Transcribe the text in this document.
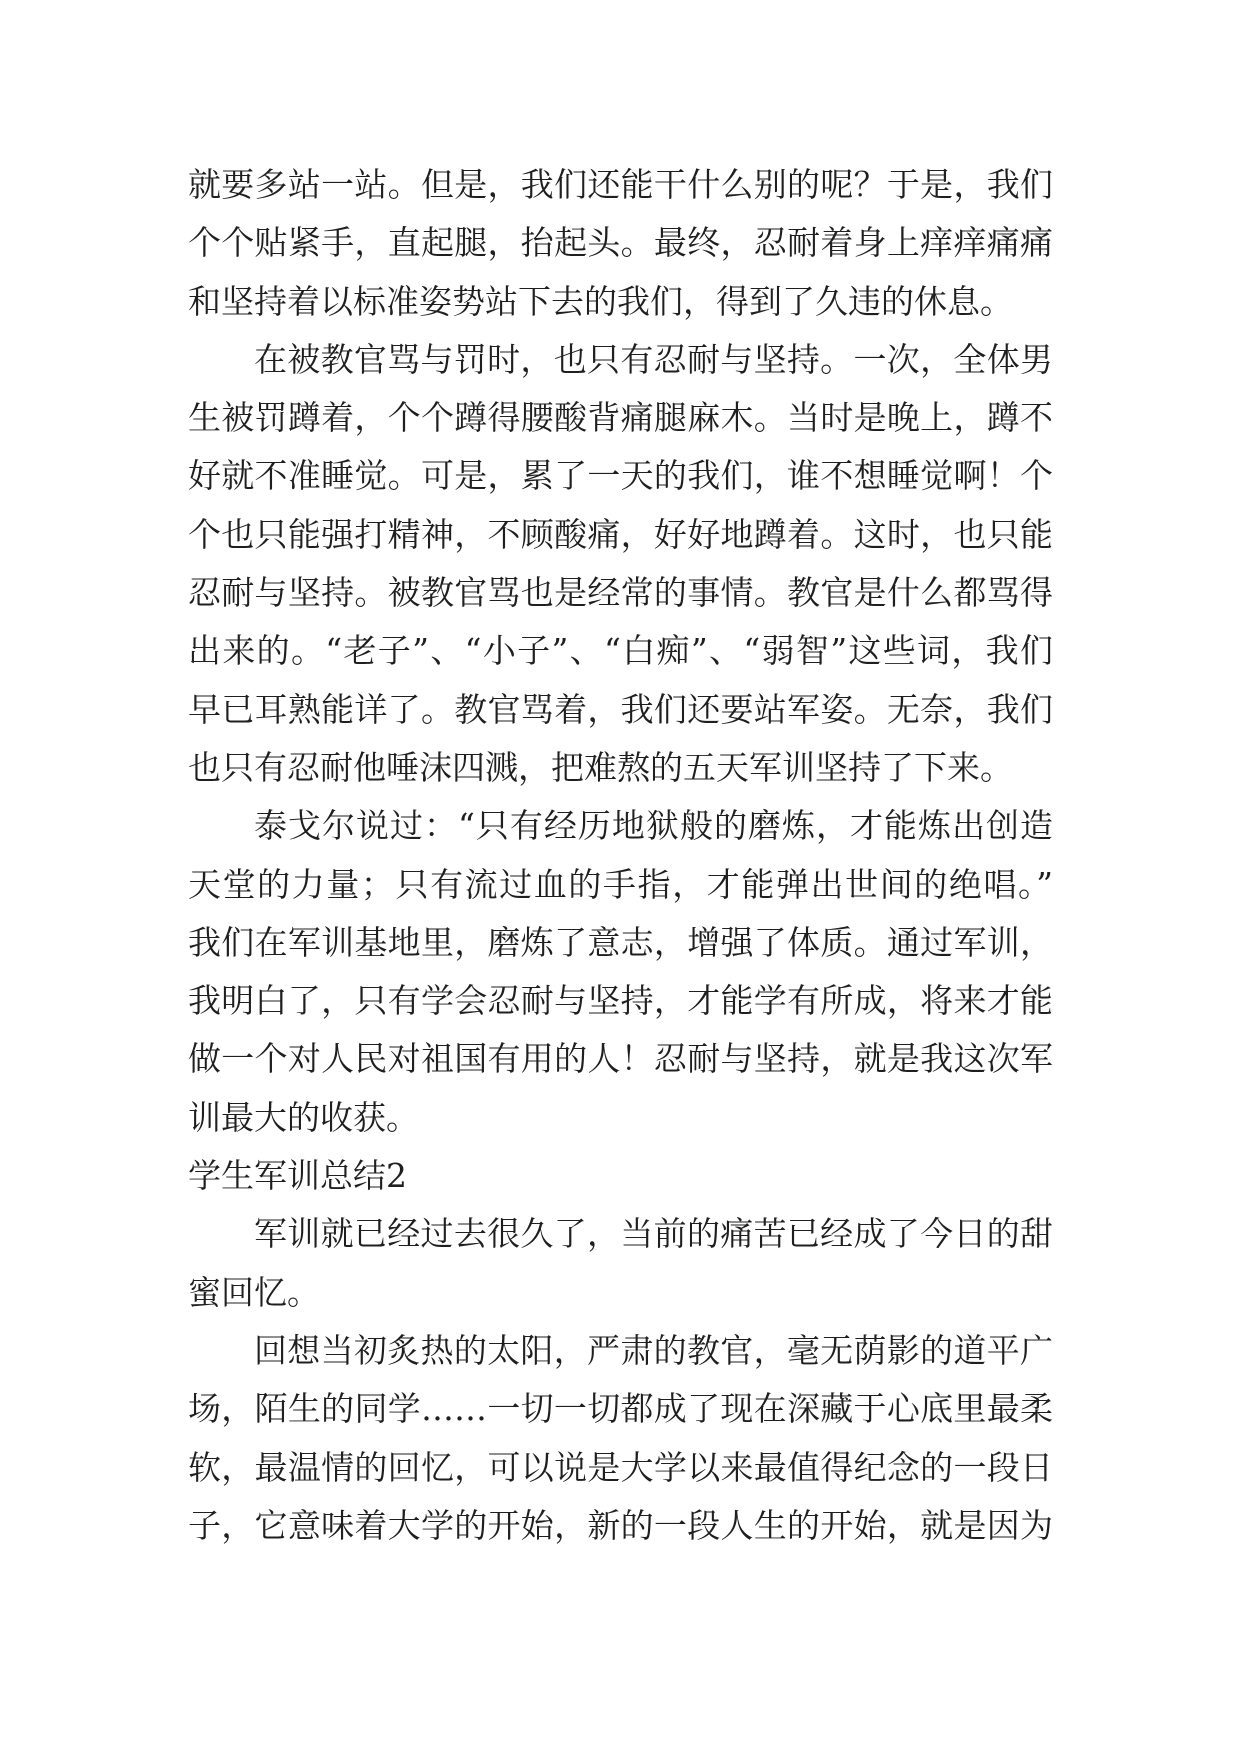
就要多站一站。但是，我们还能干什么别的呢？于是，我们
个个贴紧手，直起腿，抬起头。最终，忍耐着身上痒痒痛痛
和坚持着以标准姿势站下去的我们，得到了久违的休息。
在被教官骂与罚时，也只有忍耐与坚持。一次，全体男
生被罚蹲着，个个蹲得腰酸背痛腿麻木。当时是晚上，蹲不
好就不准睡觉。可是，累了一天的我们，谁不想睡觉啊！个
个也只能强打精神，不顾酸痛，好好地蹲着。这时，也只能
忍耐与坚持。被教官骂也是经常的事情。教官是什么都骂得
出来的。“老子”、“小子”、“白痴”、“弱智”这些词，我们
早已耳熟能详了。教官骂着，我们还要站军姿。无奈，我们
也只有忍耐他唾沫四溅，把难熬的五天军训坚持了下来。
泰戈尔说过：“只有经历地狱般的磨炼，才能炼出创造
天堂的力量；只有流过血的手指，才能弹出世间的绝唱。”
我们在军训基地里，磨炼了意志，增强了体质。通过军训，
我明白了，只有学会忍耐与坚持，才能学有所成，将来才能
做一个对人民对祖国有用的人！忍耐与坚持，就是我这次军
训最大的收获。
学生军训总结2
军训就已经过去很久了，当前的痛苦已经成了今日的甜
蜜回忆。
回想当初炙热的太阳，严肃的教官，毫无荫影的道平广
场，陌生的同学……一切一切都成了现在深藏于心底里最柔
软，最温情的回忆，可以说是大学以来最值得纪念的一段日
子，它意味着大学的开始，新的一段人生的开始，就是因为
